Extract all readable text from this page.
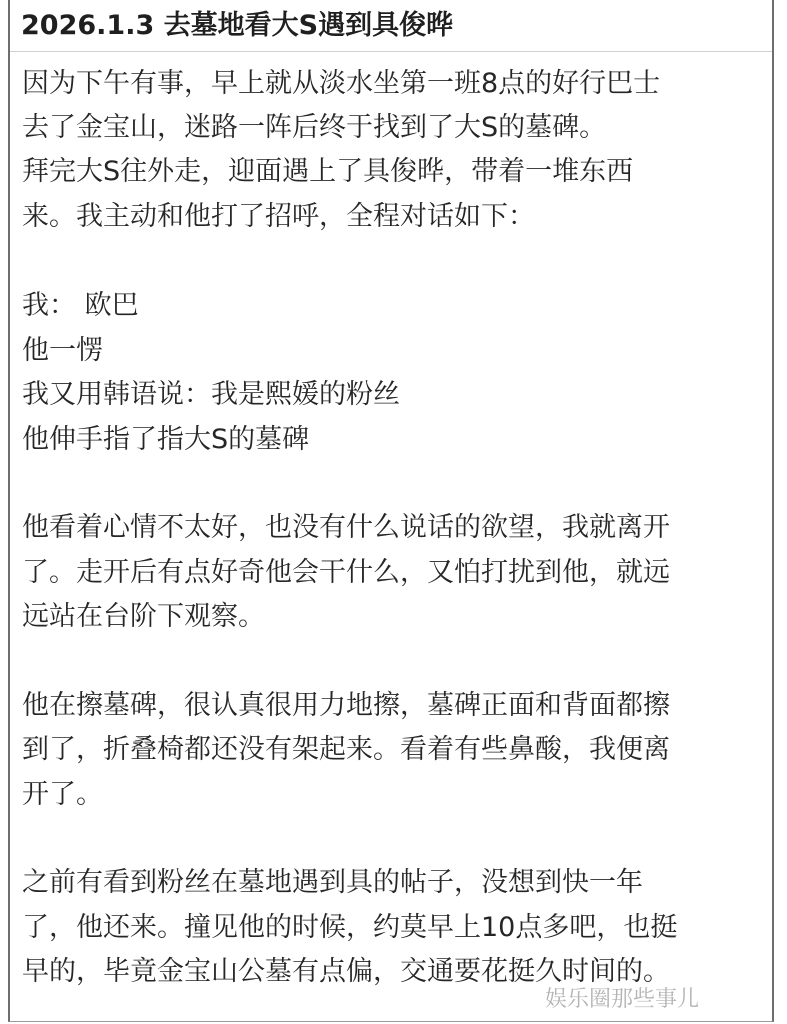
2026.1.3 去墓地看大S遇到具俊晔
因为下午有事，早上就从淡水坐第一班8点的好行巴士
去了金宝山，迷路一阵后终于找到了大S的墓碑。
拜完大S往外走，迎面遇上了具俊晔，带着一堆东西
来。我主动和他打了招呼，全程对话如下：
我： 欧巴
他一愣
我又用韩语说：我是熙媛的粉丝
他伸手指了指大S的墓碑
他看着心情不太好，也没有什么说话的欲望，我就离开
了。走开后有点好奇他会干什么，又怕打扰到他，就远
远站在台阶下观察。
他在擦墓碑，很认真很用力地擦，墓碑正面和背面都擦
到了，折叠椅都还没有架起来。看着有些鼻酸，我便离
开了。
之前有看到粉丝在墓地遇到具的帖子，没想到快一年
了，他还来。撞见他的时候，约莫早上10点多吧，也挺
早的，毕竟金宝山公墓有点偏，交通要花挺久时间的。
娱乐圈那些事儿
